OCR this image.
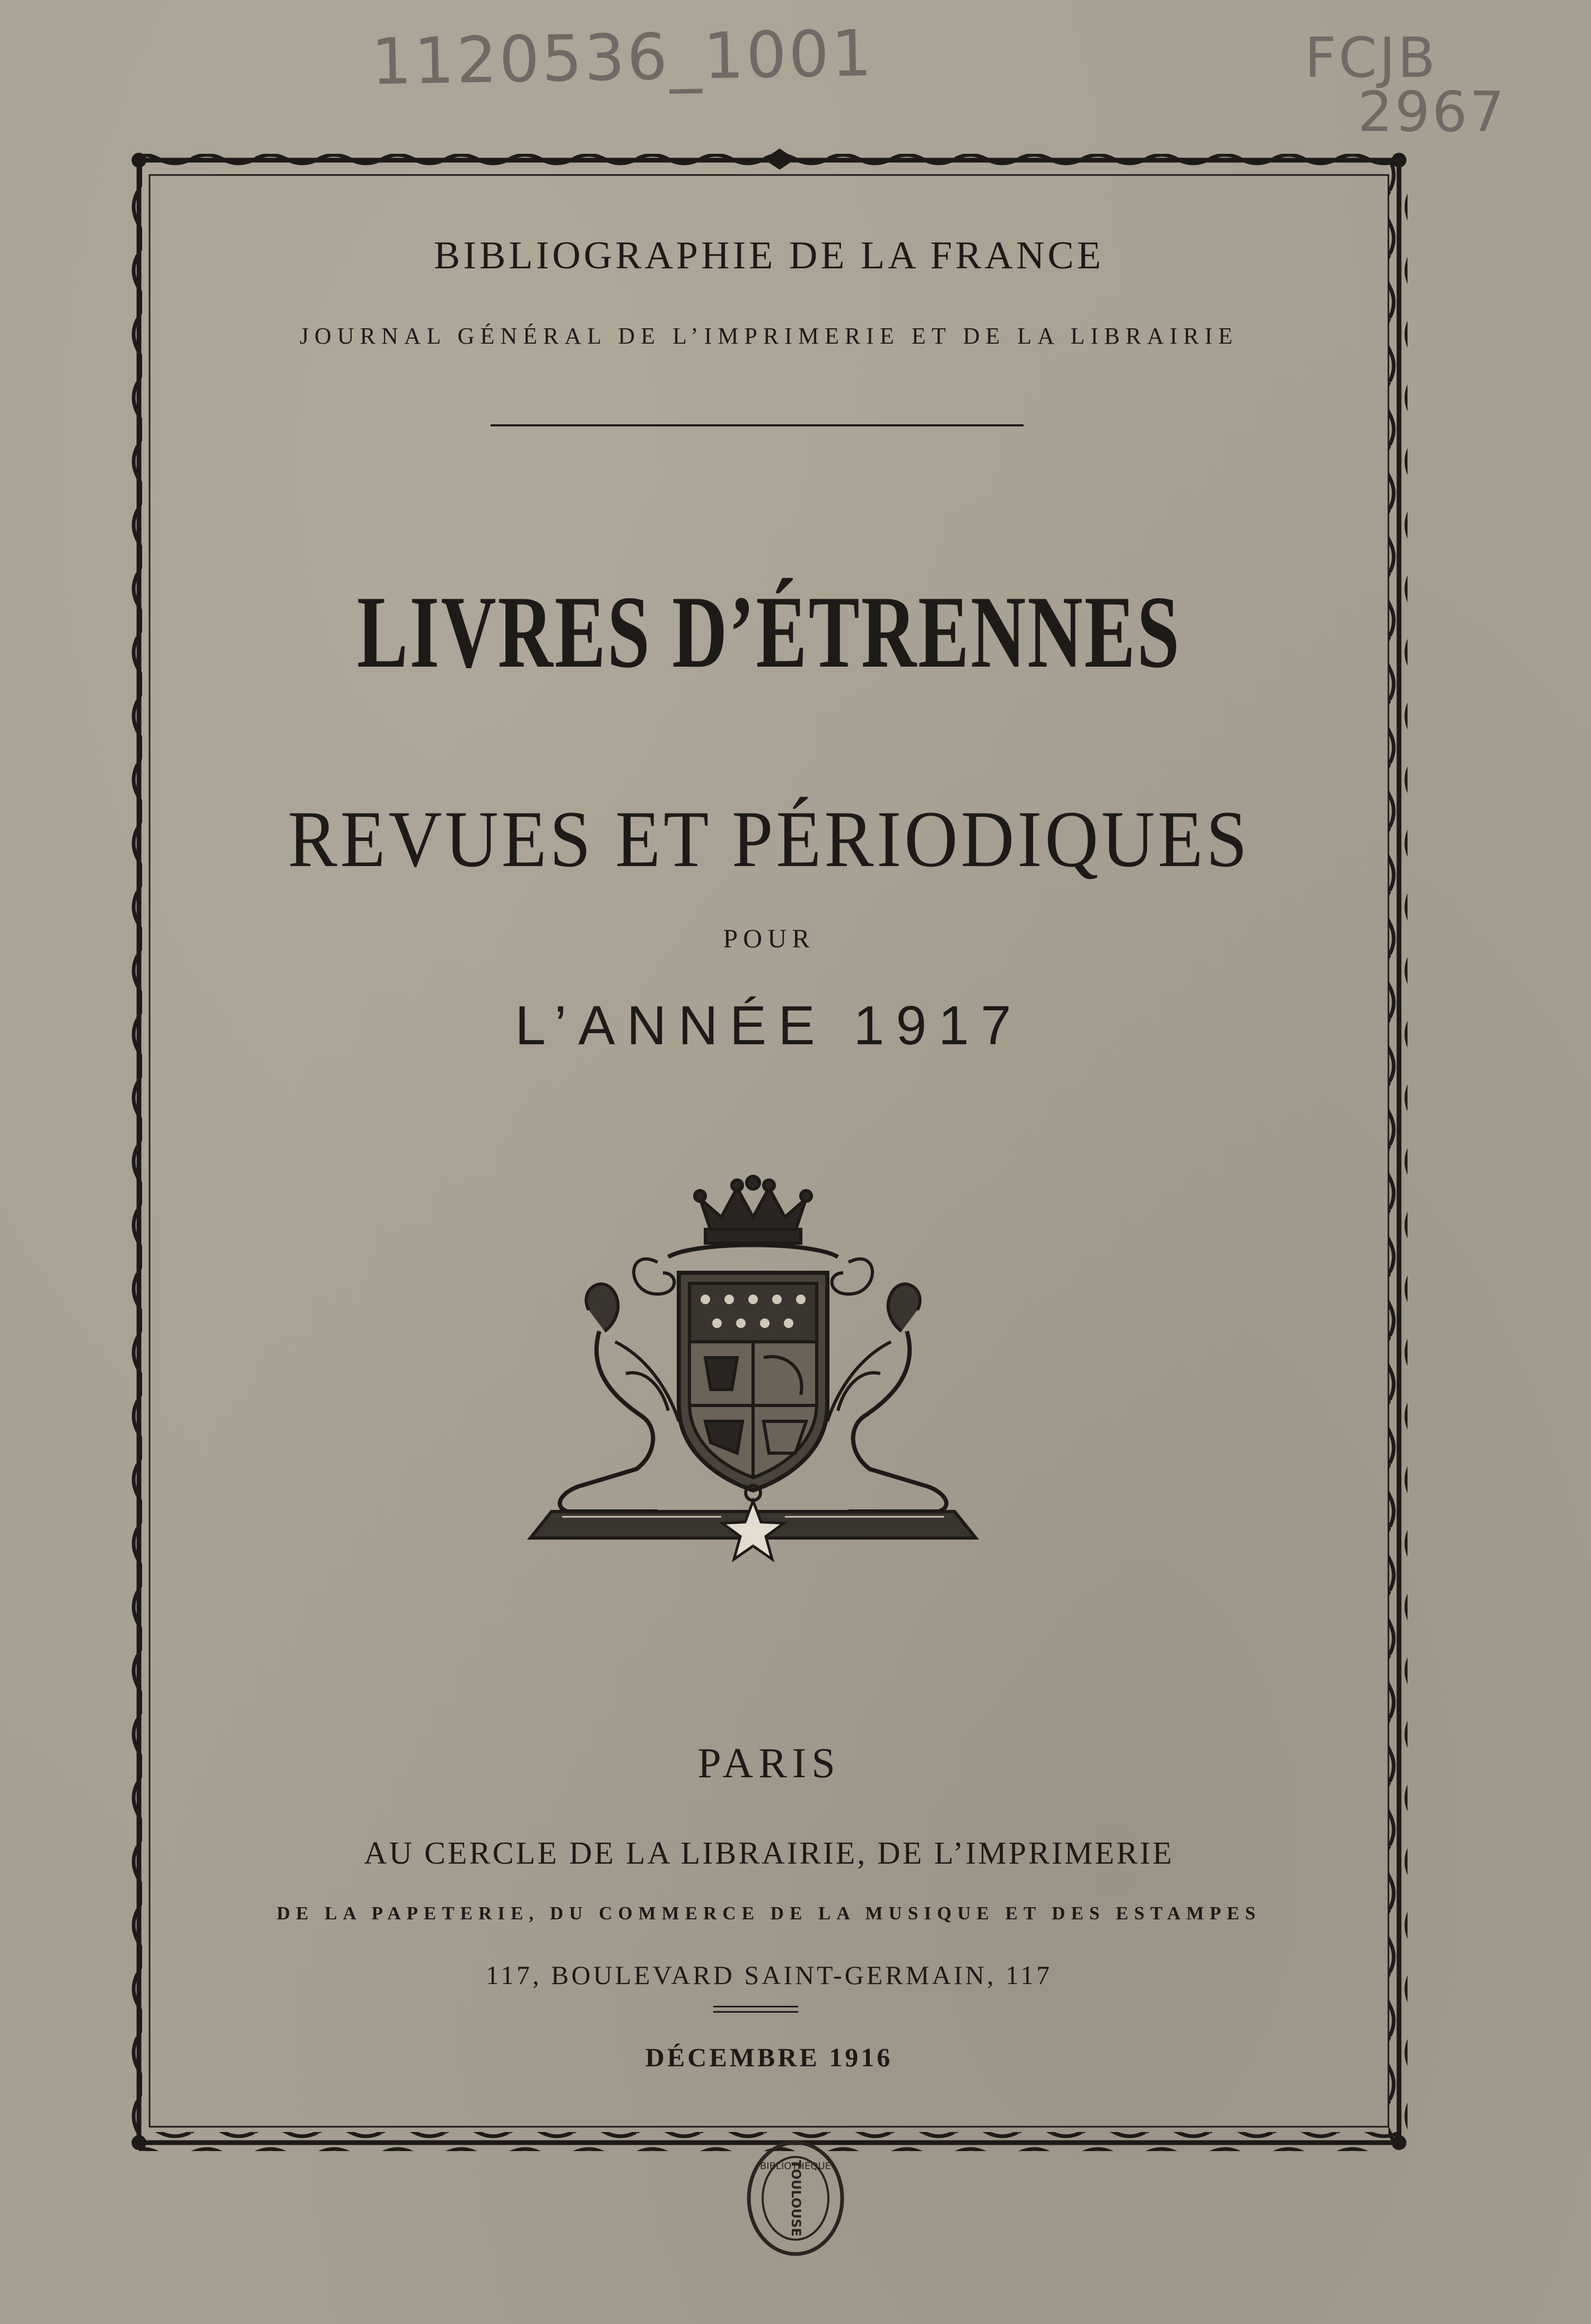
1120536_1001	FCJB
2967
BIBLIOGRAPHIE DE LA FRANCE
JOURNAL GÉNÉRAL DE L’IMPRIMERIE ET DE LA LIBRAIRIE
LIVRES D’ÉTRENNES
REVUES ET PÉRIODIQUES
POUR
L’ANNÉE 1917
PARIS
AU CERCLE DE LA LIBRAIRIE, DE L’IMPRIMERIE
DE LA PAPETERIE, DU COMMERCE DE LA MUSIQUE ET DES ESTAMPES
117, BOULEVARD SAINT-GERMAIN, 117
DÉCEMBRE 1916
BIBLIOTHÈQUE
TOULOUSE
